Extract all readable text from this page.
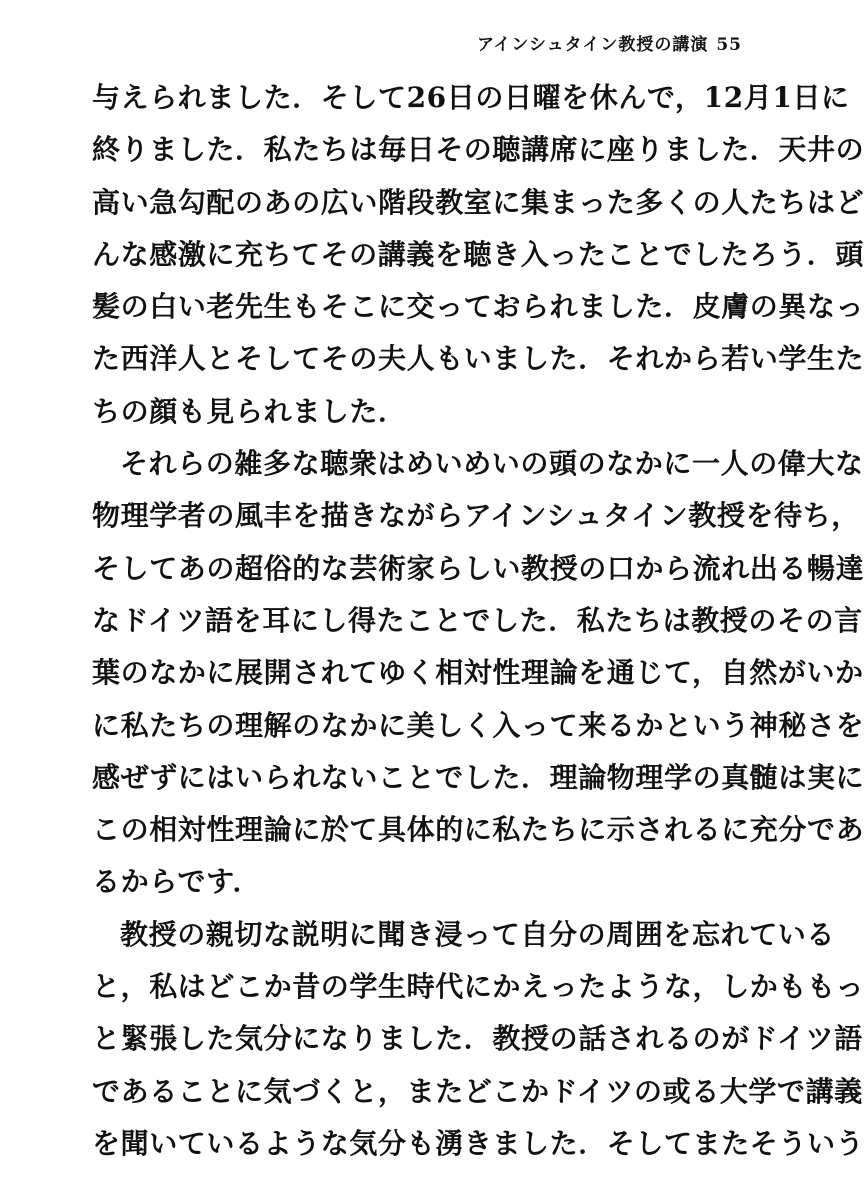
アインシュタイン教授の講演 55
与えられました．そして26日の日曜を休んで，12月1日に
終りました．私たちは毎日その聴講席に座りました．天井の
高い急勾配のあの広い階段教室に集まった多くの人たちはど
んな感激に充ちてその講義を聴き入ったことでしたろう．頭
髪の白い老先生もそこに交っておられました．皮膚の異なっ
た西洋人とそしてその夫人もいました．それから若い学生た
ちの顔も見られました．
それらの雑多な聴衆はめいめいの頭のなかに一人の偉大な
物理学者の風丰を描きながらアインシュタイン教授を待ち，
そしてあの超俗的な芸術家らしい教授の口から流れ出る暢達
なドイツ語を耳にし得たことでした．私たちは教授のその言
葉のなかに展開されてゆく相対性理論を通じて，自然がいか
に私たちの理解のなかに美しく入って来るかという神秘さを
感ぜずにはいられないことでした．理論物理学の真髄は実に
この相対性理論に於て具体的に私たちに示されるに充分であ
るからです．
教授の親切な説明に聞き浸って自分の周囲を忘れている
と，私はどこか昔の学生時代にかえったような，しかももっ
と緊張した気分になりました．教授の話されるのがドイツ語
であることに気づくと，またどこかドイツの或る大学で講義
を聞いているような気分も湧きました．そしてまたそういう
